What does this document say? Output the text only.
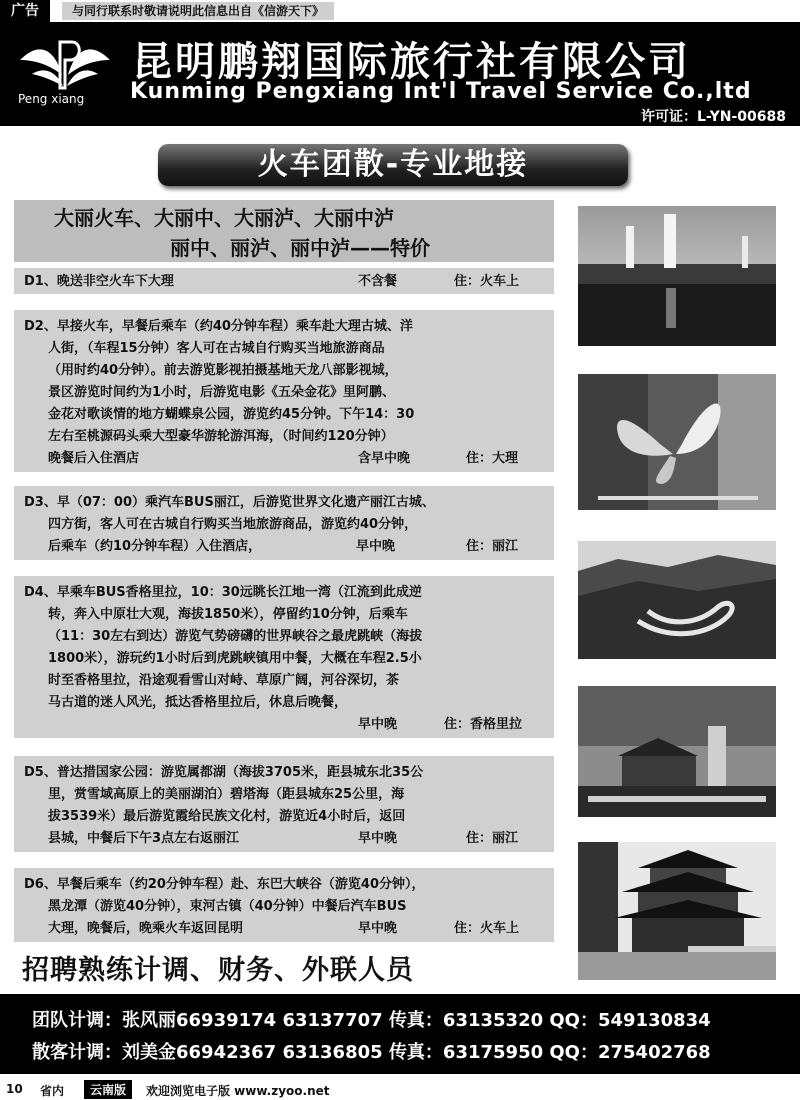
广告	与同行联系时敬请说明此信息出自《信游天下》
Peng xiang
昆明鹏翔国际旅行社有限公司
Kunming Pengxiang Int'l Travel Service Co.,ltd
许可证：L-YN-00688
火车团散-专业地接
大丽火车、大丽中、大丽泸、大丽中泸
丽中、丽泸、丽中泸——特价
D1、晚送非空火车下大理	不含餐	住：火车上
D2、早接火车，早餐后乘车（约40分钟车程）乘车赴大理古城、洋
人街，（车程15分钟）客人可在古城自行购买当地旅游商品
（用时约40分钟）。前去游览影视拍摄基地天龙八部影视城，
景区游览时间约为1小时，后游览电影《五朵金花》里阿鹏、
金花对歌谈情的地方蝴蝶泉公园，游览约45分钟。下午14：30
左右至桃源码头乘大型豪华游轮游洱海，（时间约120分钟）
晚餐后入住酒店	含早中晚	住：大理
D3、早（07：00）乘汽车BUS丽江，后游览世界文化遗产丽江古城、
四方街，客人可在古城自行购买当地旅游商品，游览约40分钟，
后乘车（约10分钟车程）入住酒店，	早中晚	住：丽江
D4、早乘车BUS香格里拉，10：30远眺长江地一湾（江流到此成逆
转，奔入中原壮大观，海拔1850米），停留约10分钟，后乘车
（11：30左右到达）游览气势磅礴的世界峡谷之最虎跳峡（海拔
1800米），游玩约1小时后到虎跳峡镇用中餐，大概在车程2.5小
时至香格里拉，沿途观看雪山对峙、草原广阔，河谷深切，茶
马古道的迷人风光，抵达香格里拉后，休息后晚餐，
早中晚	住：香格里拉
D5、普达措国家公园：游览属都湖（海拔3705米，距县城东北35公
里，赏雪域高原上的美丽湖泊）碧塔海（距县城东25公里，海
拔3539米）最后游览霞给民族文化村，游览近4小时后，返回
县城，中餐后下午3点左右返丽江	早中晚	住：丽江
D6、早餐后乘车（约20分钟车程）赴、东巴大峡谷（游览40分钟），
黑龙潭（游览40分钟），束河古镇（40分钟）中餐后汽车BUS
大理，晚餐后，晚乘火车返回昆明	早中晚	住：火车上
招聘熟练计调、财务、外联人员
团队计调：张风丽66939174 63137707 传真：63135320 QQ：549130834
散客计调：刘美金66942367 63136805 传真：63175950 QQ：275402768
10 省内	云南版	欢迎浏览电子版 www.zyoo.net
